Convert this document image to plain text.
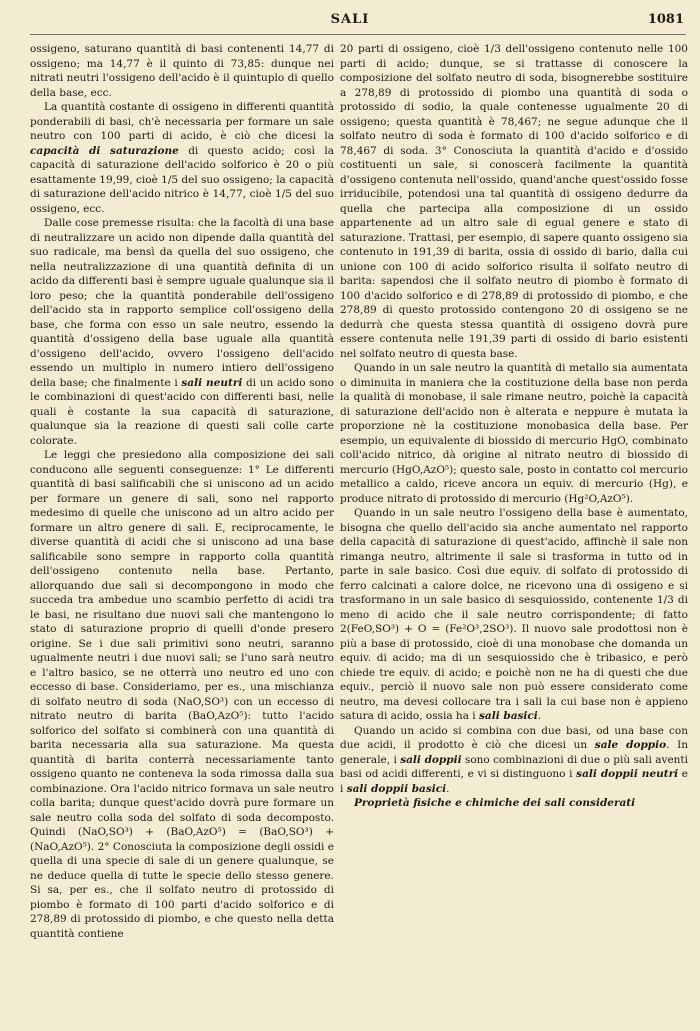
SALI	1081

ossigeno, saturano quantità di basi contenenti 14,77 di ossigeno; ma 14,77 è il quinto di 73,85: dunque nei nitrati neutri l'ossigeno dell'acido è il quintuplo di quello della base, ecc.

La quantità costante di ossigeno in differenti quantità ponderabili di basi, ch'è necessaria per formare un sale neutro con 100 parti di acido, è ciò che dicesi la capacità di saturazione di questo acido; così la capacità di saturazione dell'acido solforico è 20 o più esattamente 19,99, cioè 1/5 del suo ossigeno; la capacità di saturazione dell'acido nitrico è 14,77, cioè 1/5 del suo ossigeno, ecc.

Dalle cose premesse risulta: che la facoltà di una base di neutralizzare un acido non dipende dalla quantità del suo radicale, ma bensì da quella del suo ossigeno, che nella neutralizzazione di una quantità definita di un acido da differenti basi è sempre uguale qualunque sia il loro peso; che la quantità ponderabile dell'ossigeno dell'acido sta in rapporto semplice coll'ossigeno della base, che forma con esso un sale neutro, essendo la quantità d'ossigeno della base uguale alla quantità d'ossigeno dell'acido, ovvero l'ossigeno dell'acido essendo un multiplo in numero intiero dell'ossigeno della base; che finalmente i sali neutri di un acido sono le combinazioni di quest'acido con differenti basi, nelle quali è costante la sua capacità di saturazione, qualunque sia la reazione di questi sali colle carte colorate.

Le leggi che presiedono alla composizione dei sali conducono alle seguenti conseguenze: 1° Le differenti quantità di basi salificabili che si uniscono ad un acido per formare un genere di sali, sono nel rapporto medesimo di quelle che uniscono ad un altro acido per formare un altro genere di sali. E, reciprocamente, le diverse quantità di acidi che si uniscono ad una base salificabile sono sempre in rapporto colla quantità dell'ossigeno contenuto nella base. Pertanto, allorquando due sali si decompongono in modo che succeda tra ambedue uno scambio perfetto di acidi tra le basi, ne risultano due nuovi sali che mantengono lo stato di saturazione proprio di quelli d'onde presero origine. Se i due sali primitivi sono neutri, saranno ugualmente neutri i due nuovi sali; se l'uno sarà neutro e l'altro basico, se ne otterrà uno neutro ed uno con eccesso di base. Consideriamo, per es., una mischianza di solfato neutro di soda (NaO,SO³) con un eccesso di nitrato neutro di barita (BaO,AzO⁵): tutto l'acido solforico del solfato si combinerà con una quantità di barita necessaria alla sua saturazione. Ma questa quantità di barita conterrà necessariamente tanto ossigeno quanto ne conteneva la soda rimossa dalla sua combinazione. Ora l'acido nitrico formava un sale neutro colla barita; dunque quest'acido dovrà pure formare un sale neutro colla soda del solfato di soda decomposto. Quindi (NaO,SO³) + (BaO,AzO⁵) = (BaO,SO³) + (NaO,AzO⁵). 2° Conosciuta la composizione degli ossidi e quella di una specie di sale di un genere qualunque, se ne deduce quella di tutte le specie dello stesso genere. Si sa, per es., che il solfato neutro di protossido di piombo è formato di 100 parti d'acido solforico e di 278,89 di protossido di piombo, e che questo nella detta quantità contiene

20 parti di ossigeno, cioè 1/3 dell'ossigeno contenuto nelle 100 parti di acido; dunque, se si trattasse di conoscere la composizione del solfato neutro di soda, bisognerebbe sostituire a 278,89 di protossido di piombo una quantità di soda o protossido di sodio, la quale contenesse ugualmente 20 di ossigeno; questa quantità è 78,467; ne segue adunque che il solfato neutro di soda è formato di 100 d'acido solforico e di 78,467 di soda. 3° Conosciuta la quantità d'acido e d'ossido costituenti un sale, si conoscerà facilmente la quantità d'ossigeno contenuta nell'ossido, quand'anche quest'ossido fosse irriducibile, potendosi una tal quantità di ossigeno dedurre da quella che partecipa alla composizione di un ossido appartenente ad un altro sale di egual genere e stato di saturazione. Trattasi, per esempio, di sapere quanto ossigeno sia contenuto in 191,39 di barita, ossia di ossido di bario, dalla cui unione con 100 di acido solforico risulta il solfato neutro di barita: sapendosi che il solfato neutro di piombo è formato di 100 d'acido solforico e di 278,89 di protossido di piombo, e che 278,89 di questo protossido contengono 20 di ossigeno se ne dedurrà che questa stessa quantità di ossigeno dovrà pure essere contenuta nelle 191,39 parti di ossido di bario esistenti nel solfato neutro di questa base.

Quando in un sale neutro la quantità di metallo sia aumentata o diminuita in maniera che la costituzione della base non perda la qualità di monobase, il sale rimane neutro, poichè la capacità di saturazione dell'acido non è alterata e neppure è mutata la proporzione nè la costituzione monobasica della base. Per esempio, un equivalente di biossido di mercurio HgO, combinato coll'acido nitrico, dà origine al nitrato neutro di biossido di mercurio (HgO,AzO⁵); questo sale, posto in contatto col mercurio metallico a caldo, riceve ancora un equiv. di mercurio (Hg), e produce nitrato di protossido di mercurio (Hg²O,AzO⁵).

Quando in un sale neutro l'ossigeno della base è aumentato, bisogna che quello dell'acido sia anche aumentato nel rapporto della capacità di saturazione di quest'acido, affinchè il sale non rimanga neutro, altrimente il sale si trasforma in tutto od in parte in sale basico. Così due equiv. di solfato di protossido di ferro calcinati a calore dolce, ne ricevono una di ossigeno e si trasformano in un sale basico di sesquiossido, contenente 1/3 di meno di acido che il sale neutro corrispondente; di fatto 2(FeO,SO³) + O = (Fe²O³,2SO³). Il nuovo sale prodottosi non è più a base di protossido, cioè di una monobase che domanda un equiv. di acido; ma di un sesquiossido che è tribasico, e però chiede tre equiv. di acido; e poichè non ne ha di questi che due equiv., perciò il nuovo sale non può essere considerato come neutro, ma devesi collocare tra i sali la cui base non è appieno satura di acido, ossia ha i sali basici.

Quando un acido si combina con due basi, od una base con due acidi, il prodotto è ciò che dicesi un sale doppio. In generale, i sali doppii sono combinazioni di due o più sali aventi basi od acidi differenti, e vi si distinguono i sali doppii neutri e i sali doppii basici.

Proprietà fisiche e chimiche dei sali considerati
